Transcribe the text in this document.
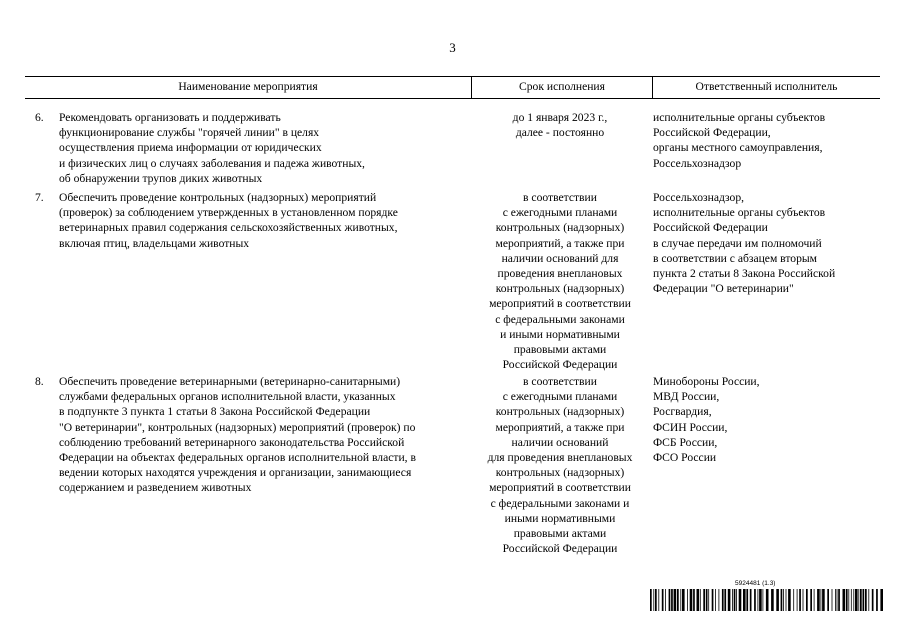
3
Наименование мероприятия	Срок исполнения	Ответственный исполнитель
6. Рекомендовать организовать и поддерживать
функционирование службы "горячей линии" в целях
осуществления приема информации от юридических
и физических лиц о случаях заболевания и падежа животных,
об обнаружении трупов диких животных
до 1 января 2023 г.,
далее - постоянно
исполнительные органы субъектов
Российской Федерации,
органы местного самоуправления,
Россельхознадзор
7. Обеспечить проведение контрольных (надзорных) мероприятий
(проверок) за соблюдением утвержденных в установленном порядке
ветеринарных правил содержания сельскохозяйственных животных,
включая птиц, владельцами животных
в соответствии
с ежегодными планами
контрольных (надзорных)
мероприятий, а также при
наличии оснований для
проведения внеплановых
контрольных (надзорных)
мероприятий в соответствии
с федеральными законами
и иными нормативными
правовыми актами
Российской Федерации
Россельхознадзор,
исполнительные органы субъектов
Российской Федерации
в случае передачи им полномочий
в соответствии с абзацем вторым
пункта 2 статьи 8 Закона Российской
Федерации "О ветеринарии"
8. Обеспечить проведение ветеринарными (ветеринарно-санитарными)
службами федеральных органов исполнительной власти, указанных
в подпункте 3 пункта 1 статьи 8 Закона Российской Федерации
"О ветеринарии", контрольных (надзорных) мероприятий (проверок) по
соблюдению требований ветеринарного законодательства Российской
Федерации на объектах федеральных органов исполнительной власти, в
ведении которых находятся учреждения и организации, занимающиеся
содержанием и разведением животных
в соответствии
с ежегодными планами
контрольных (надзорных)
мероприятий, а также при
наличии оснований
для проведения внеплановых
контрольных (надзорных)
мероприятий в соответствии
с федеральными законами и
иными нормативными
правовыми актами
Российской Федерации
Минобороны России,
МВД России,
Росгвардия,
ФСИН России,
ФСБ России,
ФСО России
5924481 (1.3)
